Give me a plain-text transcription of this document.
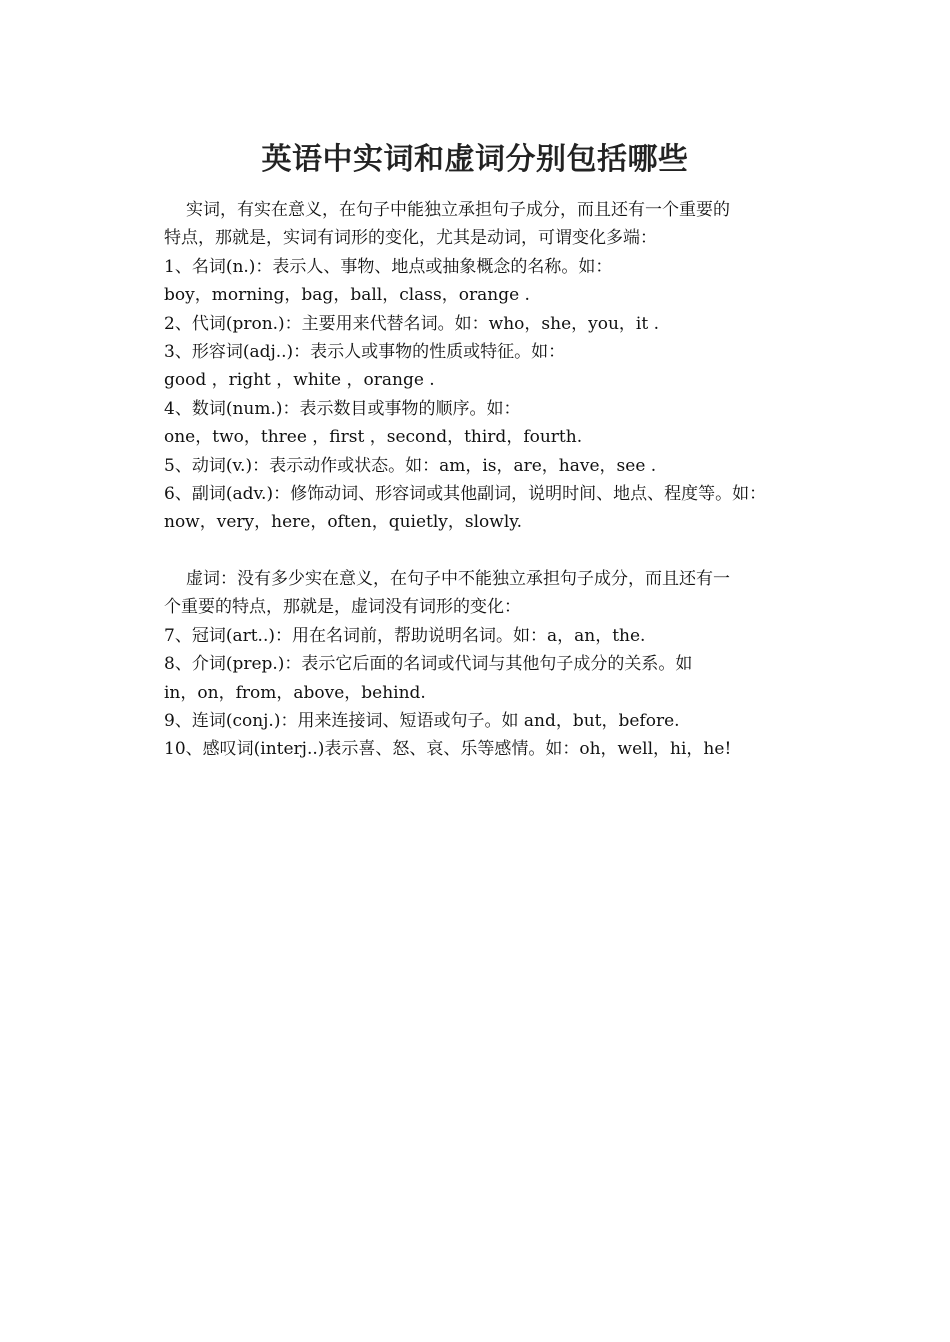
英语中实词和虚词分别包括哪些
实词，有实在意义，在句子中能独立承担句子成分，而且还有一个重要的
特点，那就是，实词有词形的变化，尤其是动词，可谓变化多端：
1、名词(n.)：表示人、事物、地点或抽象概念的名称。如：
boy，morning，bag，ball，class，orange .
2、代词(pron.)：主要用来代替名词。如：who，she，you，it .
3、形容词(adj..)：表示人或事物的性质或特征。如：
good ，right ，white ，orange .
4、数词(num.)：表示数目或事物的顺序。如：
one，two，three ，first ，second，third，fourth.
5、动词(v.)：表示动作或状态。如：am，is，are，have，see .
6、副词(adv.)：修饰动词、形容词或其他副词，说明时间、地点、程度等。如：
now，very，here，often，quietly，slowly.
虚词：没有多少实在意义，在句子中不能独立承担句子成分，而且还有一
个重要的特点，那就是，虚词没有词形的变化：
7、冠词(art..)：用在名词前，帮助说明名词。如：a，an，the.
8、介词(prep.)：表示它后面的名词或代词与其他句子成分的关系。如
in，on，from，above，behind.
9、连词(conj.)：用来连接词、短语或句子。如 and，but，before.
10、感叹词(interj..)表示喜、怒、哀、乐等感情。如：oh，well，hi，he!
